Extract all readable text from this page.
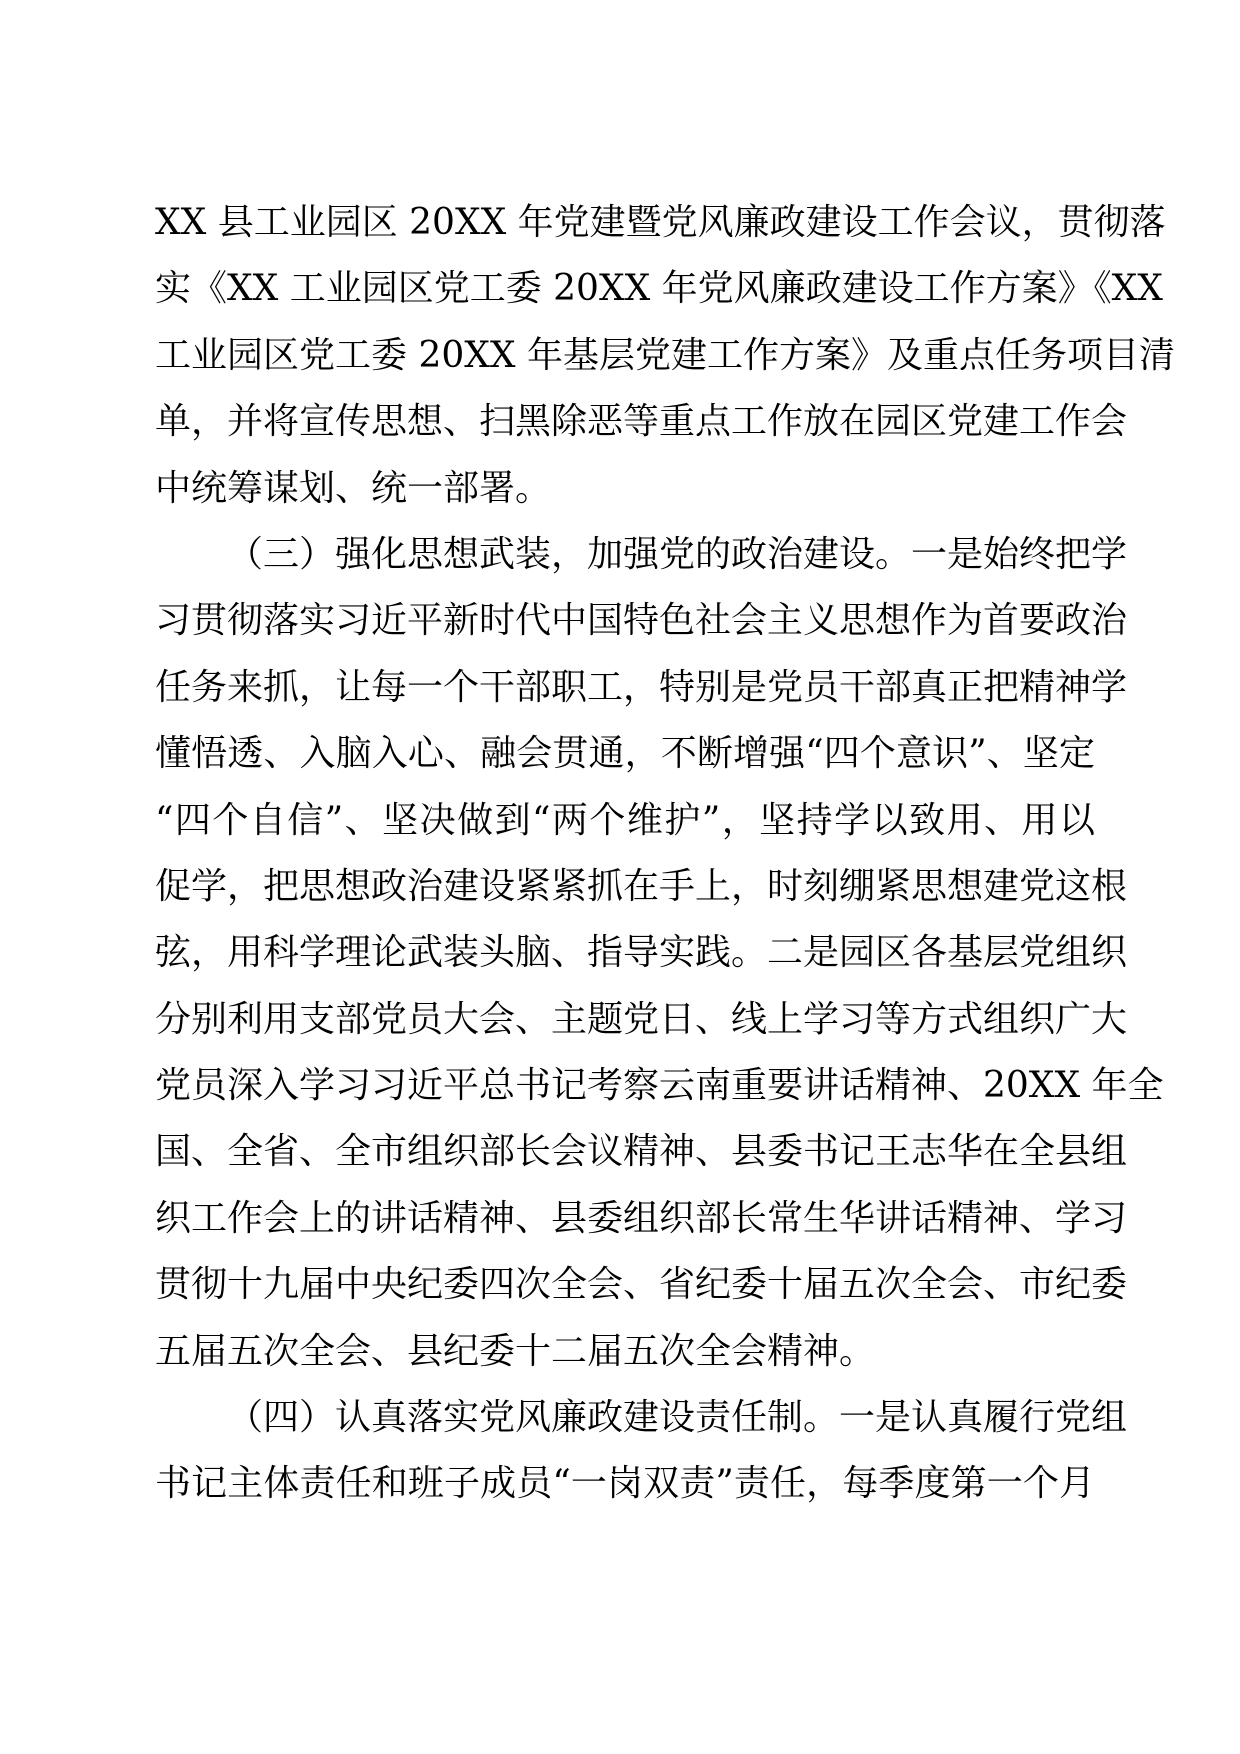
XX 县工业园区 20XX 年党建暨党风廉政建设工作会议，贯彻落
实《XX 工业园区党工委 20XX 年党风廉政建设工作方案》《XX
工业园区党工委 20XX 年基层党建工作方案》及重点任务项目清
单，并将宣传思想、扫黑除恶等重点工作放在园区党建工作会
中统筹谋划、统一部署。
（三）强化思想武装，加强党的政治建设。一是始终把学
习贯彻落实习近平新时代中国特色社会主义思想作为首要政治
任务来抓，让每一个干部职工，特别是党员干部真正把精神学
懂悟透、入脑入心、融会贯通，不断增强“四个意识”、坚定
“四个自信”、坚决做到“两个维护”，坚持学以致用、用以
促学，把思想政治建设紧紧抓在手上，时刻绷紧思想建党这根
弦，用科学理论武装头脑、指导实践。二是园区各基层党组织
分别利用支部党员大会、主题党日、线上学习等方式组织广大
党员深入学习习近平总书记考察云南重要讲话精神、20XX 年全
国、全省、全市组织部长会议精神、县委书记王志华在全县组
织工作会上的讲话精神、县委组织部长常生华讲话精神、学习
贯彻十九届中央纪委四次全会、省纪委十届五次全会、市纪委
五届五次全会、县纪委十二届五次全会精神。
（四）认真落实党风廉政建设责任制。一是认真履行党组
书记主体责任和班子成员“一岗双责”责任，每季度第一个月
